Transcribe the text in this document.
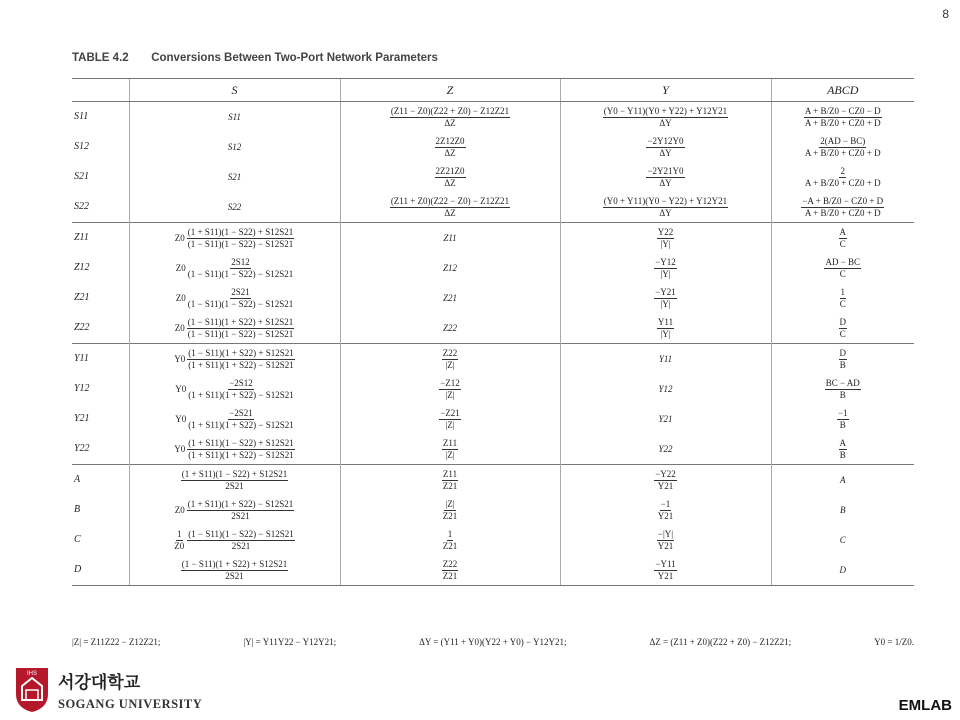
8
TABLE 4.2 Conversions Between Two-Port Network Parameters
	S	Z	Y	ABCD
S11	S11	$\frac{(Z11 - Z0)(Z22 + Z0) - Z12Z21}{\Delta Z}$	$\frac{(Y0 - Y11)(Y0 + Y22) + Y12Y21}{\Delta Y}$	$\frac{A + B/Z0 - CZ0 - D}{A + B/Z0 + CZ0 + D}$

S12	S12	$\frac{2Z12Z0}{\Delta Z}$	$\frac{-2Y12Y0}{\Delta Y}$	$\frac{2(AD - BC)}{A + B/Z0 + CZ0 + D}$

S21	S21	$\frac{2Z21Z0}{\Delta Z}$	$\frac{-2Y21Y0}{\Delta Y}$	$\frac{2}{A + B/Z0 + CZ0 + D}$

S22	S22	$\frac{(Z11 + Z0)(Z22 - Z0) - Z12Z21}{\Delta Z}$	$\frac{(Y0 + Y11)(Y0 - Y22) + Y12Y21}{\Delta Y}$	$\frac{-A + B/Z0 - CZ0 + D}{A + B/Z0 + CZ0 + D}$

Z11	$Z0 \frac{(1 + S11)(1 - S22) + S12S21}{(1 - S11)(1 - S22) - S12S21}$	Z11	$\frac{Y22}{|Y|}$	$\frac{A}{C}$

Z12	$Z0 \frac{2S12}{(1 - S11)(1 - S22) - S12S21}$	Z12	$\frac{-Y12}{|Y|}$	$\frac{AD - BC}{C}$

Z21	$Z0 \frac{2S21}{(1 - S11)(1 - S22) - S12S21}$	Z21	$\frac{-Y21}{|Y|}$	$\frac{1}{C}$

Z22	$Z0 \frac{(1 - S11)(1 + S22) + S12S21}{(1 - S11)(1 - S22) - S12S21}$	Z22	$\frac{Y11}{|Y|}$	$\frac{D}{C}$

Y11	$Y0 \frac{(1 - S11)(1 + S22) + S12S21}{(1 + S11)(1 + S22) - S12S21}$	$\frac{Z22}{|Z|}$	Y11	$\frac{D}{B}$

Y12	$Y0 \frac{-2S12}{(1 + S11)(1 + S22) - S12S21}$	$\frac{-Z12}{|Z|}$	Y12	$\frac{BC - AD}{B}$

Y21	$Y0 \frac{-2S21}{(1 + S11)(1 + S22) - S12S21}$	$\frac{-Z21}{|Z|}$	Y21	$\frac{-1}{B}$

Y22	$Y0 \frac{(1 + S11)(1 - S22) + S12S21}{(1 + S11)(1 + S22) - S12S21}$	$\frac{Z11}{|Z|}$	Y22	$\frac{A}{B}$

A	$\frac{(1 + S11)(1 - S22) + S12S21}{2S21}$	$\frac{Z11}{Z21}$	$\frac{-Y22}{Y21}$	A
B	$Z0 \frac{(1 + S11)(1 + S22) - S12S21}{2S21}$	$\frac{|Z|}{Z21}$	$\frac{-1}{Y21}$	B
C	$\frac{1}{Z0} \frac{(1 - S11)(1 - S22) - S12S21}{2S21}$	$\frac{1}{Z21}$	$\frac{-|Y|}{Y21}$	C
D	$\frac{(1 - S11)(1 + S22) + S12S21}{2S21}$	$\frac{Z22}{Z21}$	$\frac{-Y11}{Y21}$	D
|Z| = Z11Z22 − Z12Z21;	|Y| = Y11Y22 − Y12Y21;	ΔY = (Y11 + Y0)(Y22 + Y0) − Y12Y21;	ΔZ = (Z11 + Z0)(Z22 + Z0) − Z12Z21;	Y0 = 1/Z0.
IHS 서강대학교
SOGANG UNIVERSITY	EMLAB
